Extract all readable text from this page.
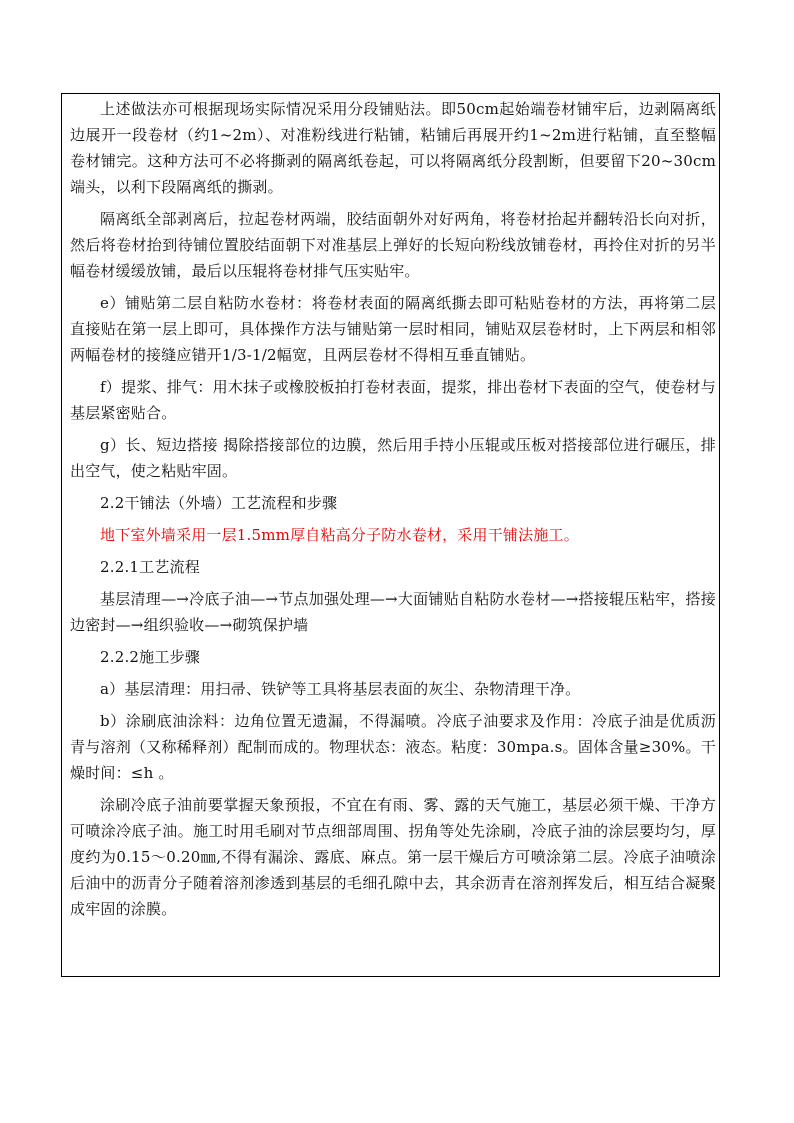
上述做法亦可根据现场实际情况采用分段铺贴法。即50cm起始端卷材铺牢后，边剥隔离纸边展开一段卷材（约1~2m）、对准粉线进行粘铺，粘铺后再展开约1~2m进行粘铺，直至整幅卷材铺完。这种方法可不必将撕剥的隔离纸卷起，可以将隔离纸分段割断，但要留下20~30cm端头，以利下段隔离纸的撕剥。

隔离纸全部剥离后，拉起卷材两端，胶结面朝外对好两角，将卷材抬起并翻转沿长向对折，然后将卷材抬到待铺位置胶结面朝下对准基层上弹好的长短向粉线放铺卷材，再拎住对折的另半幅卷材缓缓放铺，最后以压辊将卷材排气压实贴牢。

e）铺贴第二层自粘防水卷材：将卷材表面的隔离纸撕去即可粘贴卷材的方法，再将第二层直接贴在第一层上即可，具体操作方法与铺贴第一层时相同，铺贴双层卷材时，上下两层和相邻两幅卷材的接缝应错开1/3-1/2幅宽，且两层卷材不得相互垂直铺贴。

f）提浆、排气：用木抹子或橡胶板拍打卷材表面，提浆，排出卷材下表面的空气，使卷材与基层紧密贴合。

g）长、短边搭接 揭除搭接部位的边膜，然后用手持小压辊或压板对搭接部位进行碾压，排出空气，使之粘贴牢固。

2.2干铺法（外墙）工艺流程和步骤

地下室外墙采用一层1.5mm厚自粘高分子防水卷材，采用干铺法施工。

2.2.1工艺流程

基层清理—→冷底子油—→节点加强处理—→大面铺贴自粘防水卷材—→搭接辊压粘牢，搭接边密封—→组织验收—→砌筑保护墙

2.2.2施工步骤

a）基层清理：用扫帚、铁铲等工具将基层表面的灰尘、杂物清理干净。

b）涂刷底油涂料：边角位置无遗漏，不得漏喷。冷底子油要求及作用：冷底子油是优质沥青与溶剂（又称稀释剂）配制而成的。物理状态：液态。粘度：30mpa.s。固体含量≥30%。干燥时间：≤h 。

涂刷冷底子油前要掌握天象预报，不宜在有雨、雾、露的天气施工，基层必须干燥、干净方可喷涂冷底子油。施工时用毛刷对节点细部周围、拐角等处先涂刷，冷底子油的涂层要均匀，厚度约为0.15～0.20㎜,不得有漏涂、露底、麻点。第一层干燥后方可喷涂第二层。冷底子油喷涂后油中的沥青分子随着溶剂渗透到基层的毛细孔隙中去，其余沥青在溶剂挥发后，相互结合凝聚成牢固的涂膜。
